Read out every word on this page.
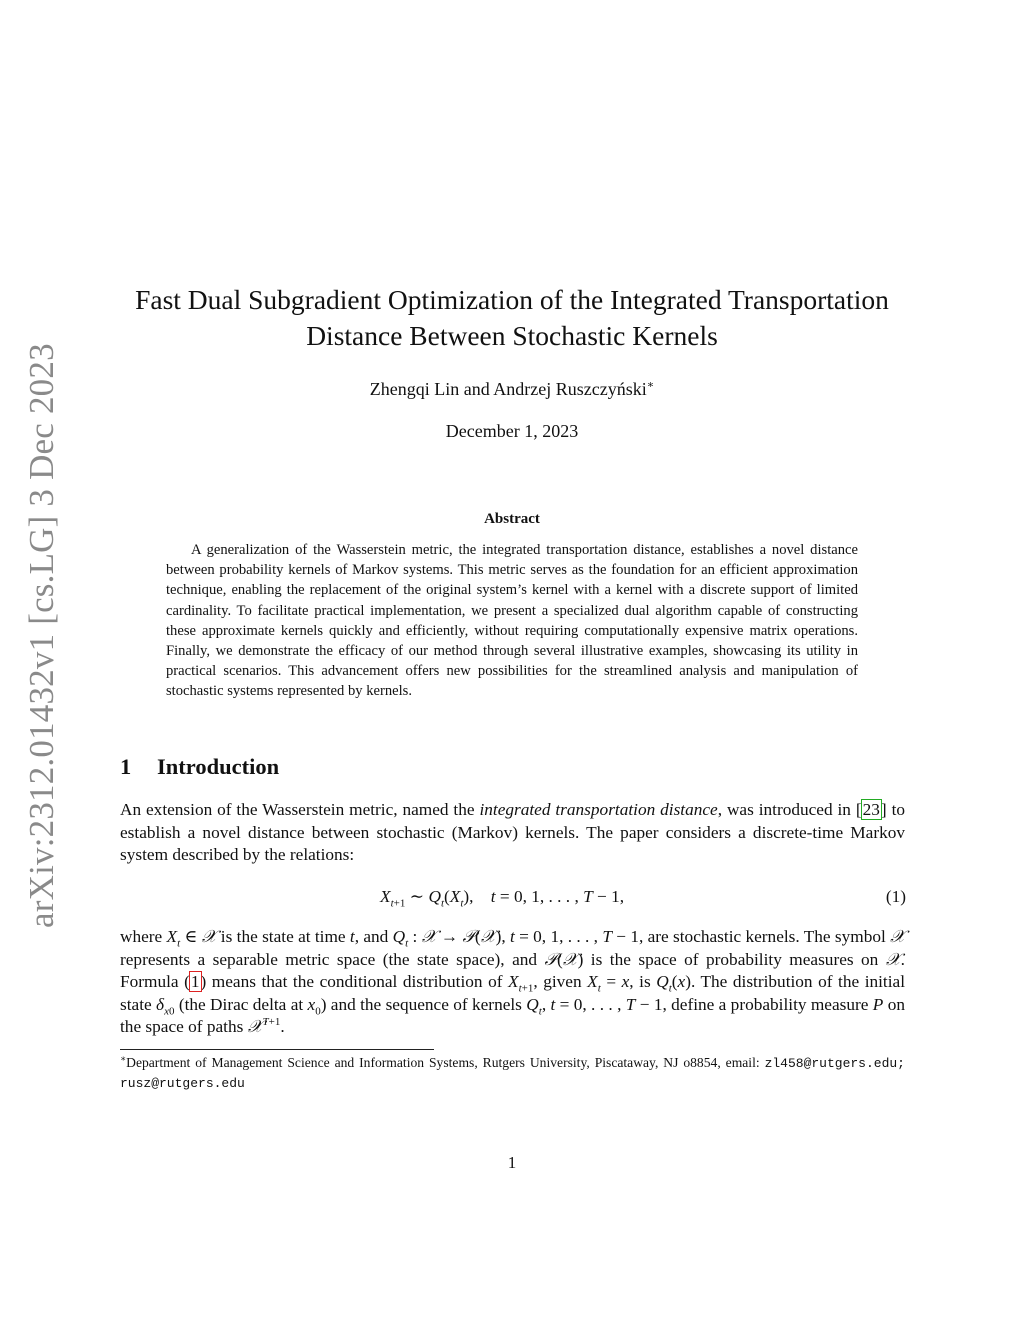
arXiv:2312.01432v1 [cs.LG] 3 Dec 2023
Fast Dual Subgradient Optimization of the Integrated Transportation Distance Between Stochastic Kernels
Zhengqi Lin and Andrzej Ruszczyński∗
December 1, 2023
Abstract

A generalization of the Wasserstein metric, the integrated transportation distance, establishes a novel distance between probability kernels of Markov systems. This metric serves as the foundation for an efficient approximation technique, enabling the replacement of the original system’s kernel with a kernel with a discrete support of limited cardinality. To facilitate practical implementation, we present a specialized dual algorithm capable of constructing these approximate kernels quickly and efficiently, without requiring computationally expensive matrix operations. Finally, we demonstrate the efficacy of our method through several illustrative examples, showcasing its utility in practical scenarios. This advancement offers new possibilities for the streamlined analysis and manipulation of stochastic systems represented by kernels.

1 Introduction

An extension of the Wasserstein metric, named the integrated transportation distance, was introduced in [23] to establish a novel distance between stochastic (Markov) kernels. The paper considers a discrete-time Markov system described by the relations:

$X_{t+1}$ ∼ $Q_t(X_t)$,    t = 0, 1, . . . , T − 1,	(1)

where $X_t$ ∈ 𝒳 is the state at time t, and $Q_t$ : 𝒳 → 𝒫(𝒳), t = 0, 1, . . . , T − 1, are stochastic kernels. The symbol 𝒳 represents a separable metric space (the state space), and 𝒫(𝒳) is the space of probability measures on 𝒳. Formula (1) means that the conditional distribution of $X_{t+1}$, given $X_t = x$, is $Q_t(x)$. The distribution of the initial state $\delta_{x0}$ (the Dirac delta at $x_0$) and the sequence of kernels $Q_t$, t = 0, . . . , T − 1, define a probability measure P on the space of paths 𝒳$^{T+1}$.

∗Department of Management Science and Information Systems, Rutgers University, Piscataway, NJ o8854, email: zl458@rutgers.edu; rusz@rutgers.edu

1
